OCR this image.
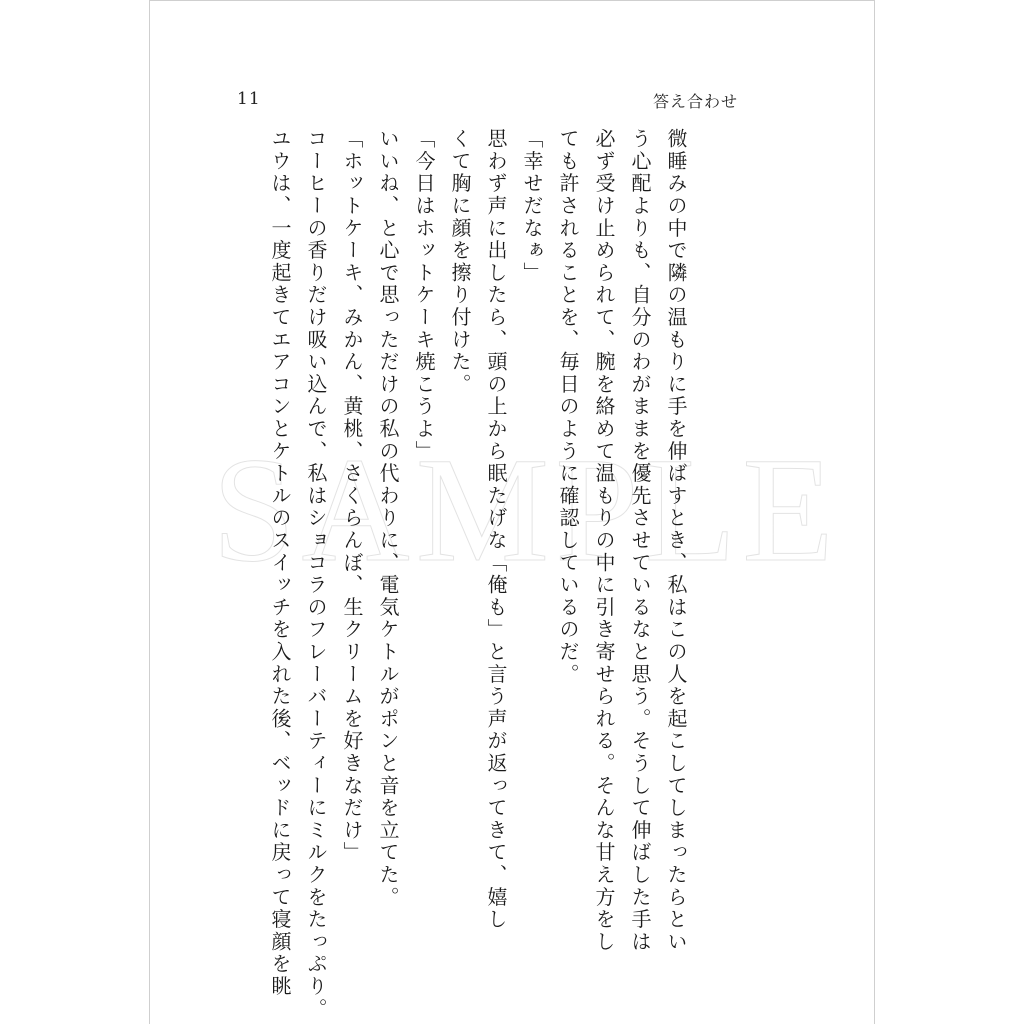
11	答え合わせ
微睡みの中で隣の温もりに手を伸ばすとき、私はこの人を起こしてしまったらとい
う心配よりも、自分のわがままを優先させているなと思う。そうして伸ばした手は
必ず受け止められて、腕を絡めて温もりの中に引き寄せられる。そんな甘え方をし
ても許されることを、毎日のように確認しているのだ。
「幸せだなぁ」
思わず声に出したら、頭の上から眠たげな「俺も」と言う声が返ってきて、嬉し
くて胸に顔を擦り付けた。
「今日はホットケーキ焼こうよ」
いいね、と心で思っただけの私の代わりに、電気ケトルがポンと音を立てた。
「ホットケーキ、みかん、黄桃、さくらんぼ、生クリームを好きなだけ」
コーヒーの香りだけ吸い込んで、私はショコラのフレーバーティーにミルクをたっぷり。
ユウは、一度起きてエアコンとケトルのスイッチを入れた後、ベッドに戻って寝顔を眺
